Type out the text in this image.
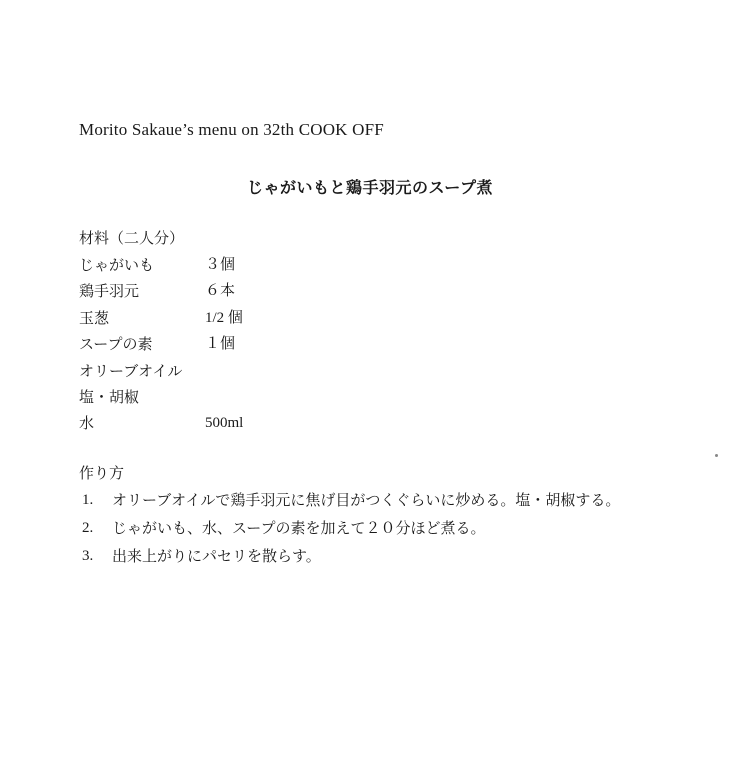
Morito Sakaue’s menu on 32th COOK OFF
じゃがいもと鶏手羽元のスープ煮
材料（二人分）
じゃがいも	３個
鶏手羽元	６本
玉葱	1/2 個
スープの素	１個
オリーブオイル
塩・胡椒
水	500ml
作り方
1. オリーブオイルで鶏手羽元に焦げ目がつくぐらいに炒める。塩・胡椒する。
2. じゃがいも、水、スープの素を加えて２０分ほど煮る。
3. 出来上がりにパセリを散らす。
